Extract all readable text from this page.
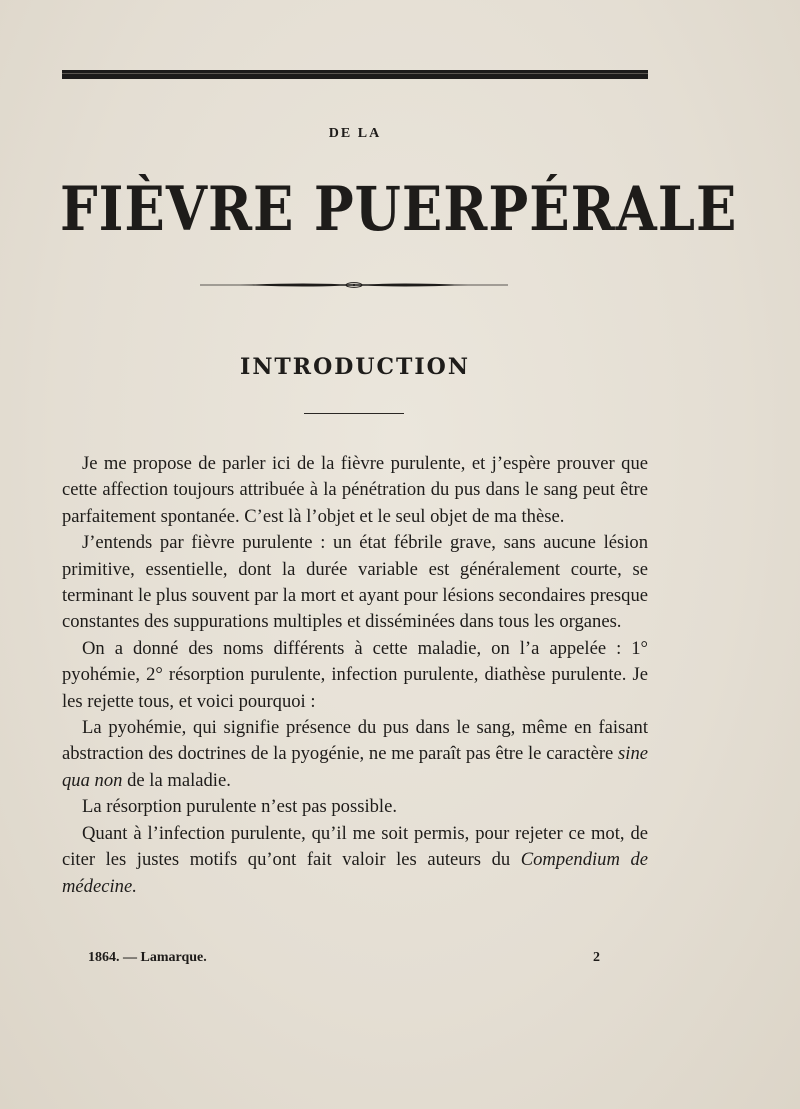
DE LA
FIÈVRE PUERPÉRALE
INTRODUCTION

Je me propose de parler ici de la fièvre purulente, et j’espère prouver que cette affection toujours attribuée à la pénétration du pus dans le sang peut être parfaitement spontanée. C’est là l’objet et le seul objet de ma thèse.

J’entends par fièvre purulente : un état fébrile grave, sans aucune lésion primitive, essentielle, dont la durée variable est généralement courte, se terminant le plus souvent par la mort et ayant pour lésions secondaires presque constantes des suppurations multiples et disséminées dans tous les organes.

On a donné des noms différents à cette maladie, on l’a appelée : 1° pyohémie, 2° résorption purulente, infection purulente, diathèse purulente. Je les rejette tous, et voici pourquoi :

La pyohémie, qui signifie présence du pus dans le sang, même en faisant abstraction des doctrines de la pyogénie, ne me paraît pas être le caractère sine qua non de la maladie.

La résorption purulente n’est pas possible.

Quant à l’infection purulente, qu’il me soit permis, pour rejeter ce mot, de citer les justes motifs qu’ont fait valoir les auteurs du Compendium de médecine.

1864. — Lamarque.	2
